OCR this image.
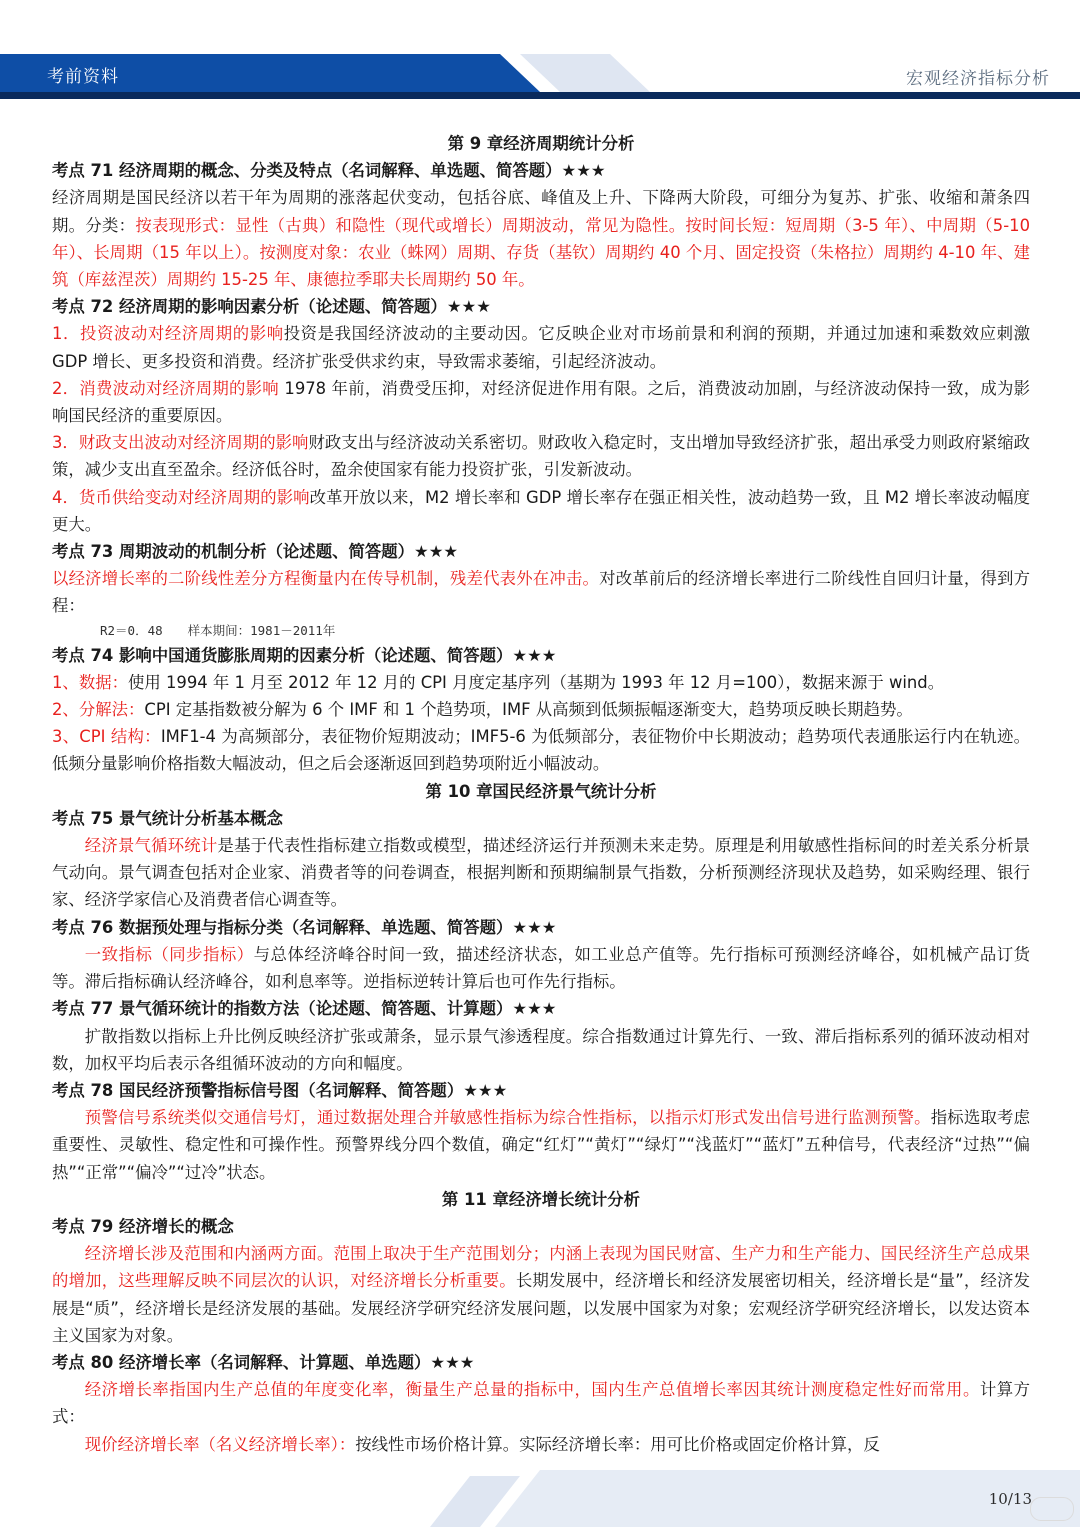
考前资料	宏观经济指标分析

第 9 章经济周期统计分析

考点 71 经济周期的概念、分类及特点（名词解释、单选题、简答题）★★★

经济周期是国民经济以若干年为周期的涨落起伏变动，包括谷底、峰值及上升、下降两大阶段，可细分为复苏、扩张、收缩和萧条四期。分类：按表现形式：显性（古典）和隐性（现代或增长）周期波动，常见为隐性。按时间长短：短周期（3-5 年）、中周期（5-10 年）、长周期（15 年以上）。按测度对象：农业（蛛网）周期、存货（基钦）周期约 40 个月、固定投资（朱格拉）周期约 4-10 年、建筑（库兹涅茨）周期约 15-25 年、康德拉季耶夫长周期约 50 年。

考点 72 经济周期的影响因素分析（论述题、简答题）★★★

1．投资波动对经济周期的影响投资是我国经济波动的主要动因。它反映企业对市场前景和利润的预期，并通过加速和乘数效应刺激 GDP 增长、更多投资和消费。经济扩张受供求约束，导致需求萎缩，引起经济波动。

2．消费波动对经济周期的影响 1978 年前，消费受压抑，对经济促进作用有限。之后，消费波动加剧，与经济波动保持一致，成为影响国民经济的重要原因。

3．财政支出波动对经济周期的影响财政支出与经济波动关系密切。财政收入稳定时，支出增加导致经济扩张，超出承受力则政府紧缩政策，减少支出直至盈余。经济低谷时，盈余使国家有能力投资扩张，引发新波动。

4．货币供给变动对经济周期的影响改革开放以来，M2 增长率和 GDP 增长率存在强正相关性，波动趋势一致，且 M2 增长率波动幅度更大。

考点 73 周期波动的机制分析（论述题、简答题）★★★

以经济增长率的二阶线性差分方程衡量内在传导机制，残差代表外在冲击。对改革前后的经济增长率进行二阶线性自回归计量，得到方程：

R2＝0．48　　样本期间：1981－2011年

考点 74 影响中国通货膨胀周期的因素分析（论述题、简答题）★★★

1、数据：使用 1994 年 1 月至 2012 年 12 月的 CPI 月度定基序列（基期为 1993 年 12 月=100），数据来源于 wind。

2、分解法：CPI 定基指数被分解为 6 个 IMF 和 1 个趋势项，IMF 从高频到低频振幅逐渐变大，趋势项反映长期趋势。

3、CPI 结构：IMF1-4 为高频部分，表征物价短期波动；IMF5-6 为低频部分，表征物价中长期波动；趋势项代表通胀运行内在轨迹。低频分量影响价格指数大幅波动，但之后会逐渐返回到趋势项附近小幅波动。

第 10 章国民经济景气统计分析

考点 75 景气统计分析基本概念

经济景气循环统计是基于代表性指标建立指数或模型，描述经济运行并预测未来走势。原理是利用敏感性指标间的时差关系分析景气动向。景气调查包括对企业家、消费者等的问卷调查，根据判断和预期编制景气指数，分析预测经济现状及趋势，如采购经理、银行家、经济学家信心及消费者信心调查等。

考点 76 数据预处理与指标分类（名词解释、单选题、简答题）★★★

一致指标（同步指标）与总体经济峰谷时间一致，描述经济状态，如工业总产值等。先行指标可预测经济峰谷，如机械产品订货等。滞后指标确认经济峰谷，如利息率等。逆指标逆转计算后也可作先行指标。

考点 77 景气循环统计的指数方法（论述题、简答题、计算题）★★★

扩散指数以指标上升比例反映经济扩张或萧条，显示景气渗透程度。综合指数通过计算先行、一致、滞后指标系列的循环波动相对数，加权平均后表示各组循环波动的方向和幅度。

考点 78 国民经济预警指标信号图（名词解释、简答题）★★★

预警信号系统类似交通信号灯，通过数据处理合并敏感性指标为综合性指标，以指示灯形式发出信号进行监测预警。指标选取考虑重要性、灵敏性、稳定性和可操作性。预警界线分四个数值，确定“红灯”“黄灯”“绿灯”“浅蓝灯”“蓝灯”五种信号，代表经济“过热”“偏热”“正常”“偏冷”“过冷”状态。

第 11 章经济增长统计分析

考点 79 经济增长的概念

经济增长涉及范围和内涵两方面。范围上取决于生产范围划分；内涵上表现为国民财富、生产力和生产能力、国民经济生产总成果的增加，这些理解反映不同层次的认识，对经济增长分析重要。长期发展中，经济增长和经济发展密切相关，经济增长是“量”，经济发展是“质”，经济增长是经济发展的基础。发展经济学研究经济发展问题，以发展中国家为对象；宏观经济学研究经济增长，以发达资本主义国家为对象。

考点 80 经济增长率（名词解释、计算题、单选题）★★★

经济增长率指国内生产总值的年度变化率，衡量生产总量的指标中，国内生产总值增长率因其统计测度稳定性好而常用。计算方式：

现价经济增长率（名义经济增长率）：按线性市场价格计算。实际经济增长率：用可比价格或固定价格计算，反

10/13
